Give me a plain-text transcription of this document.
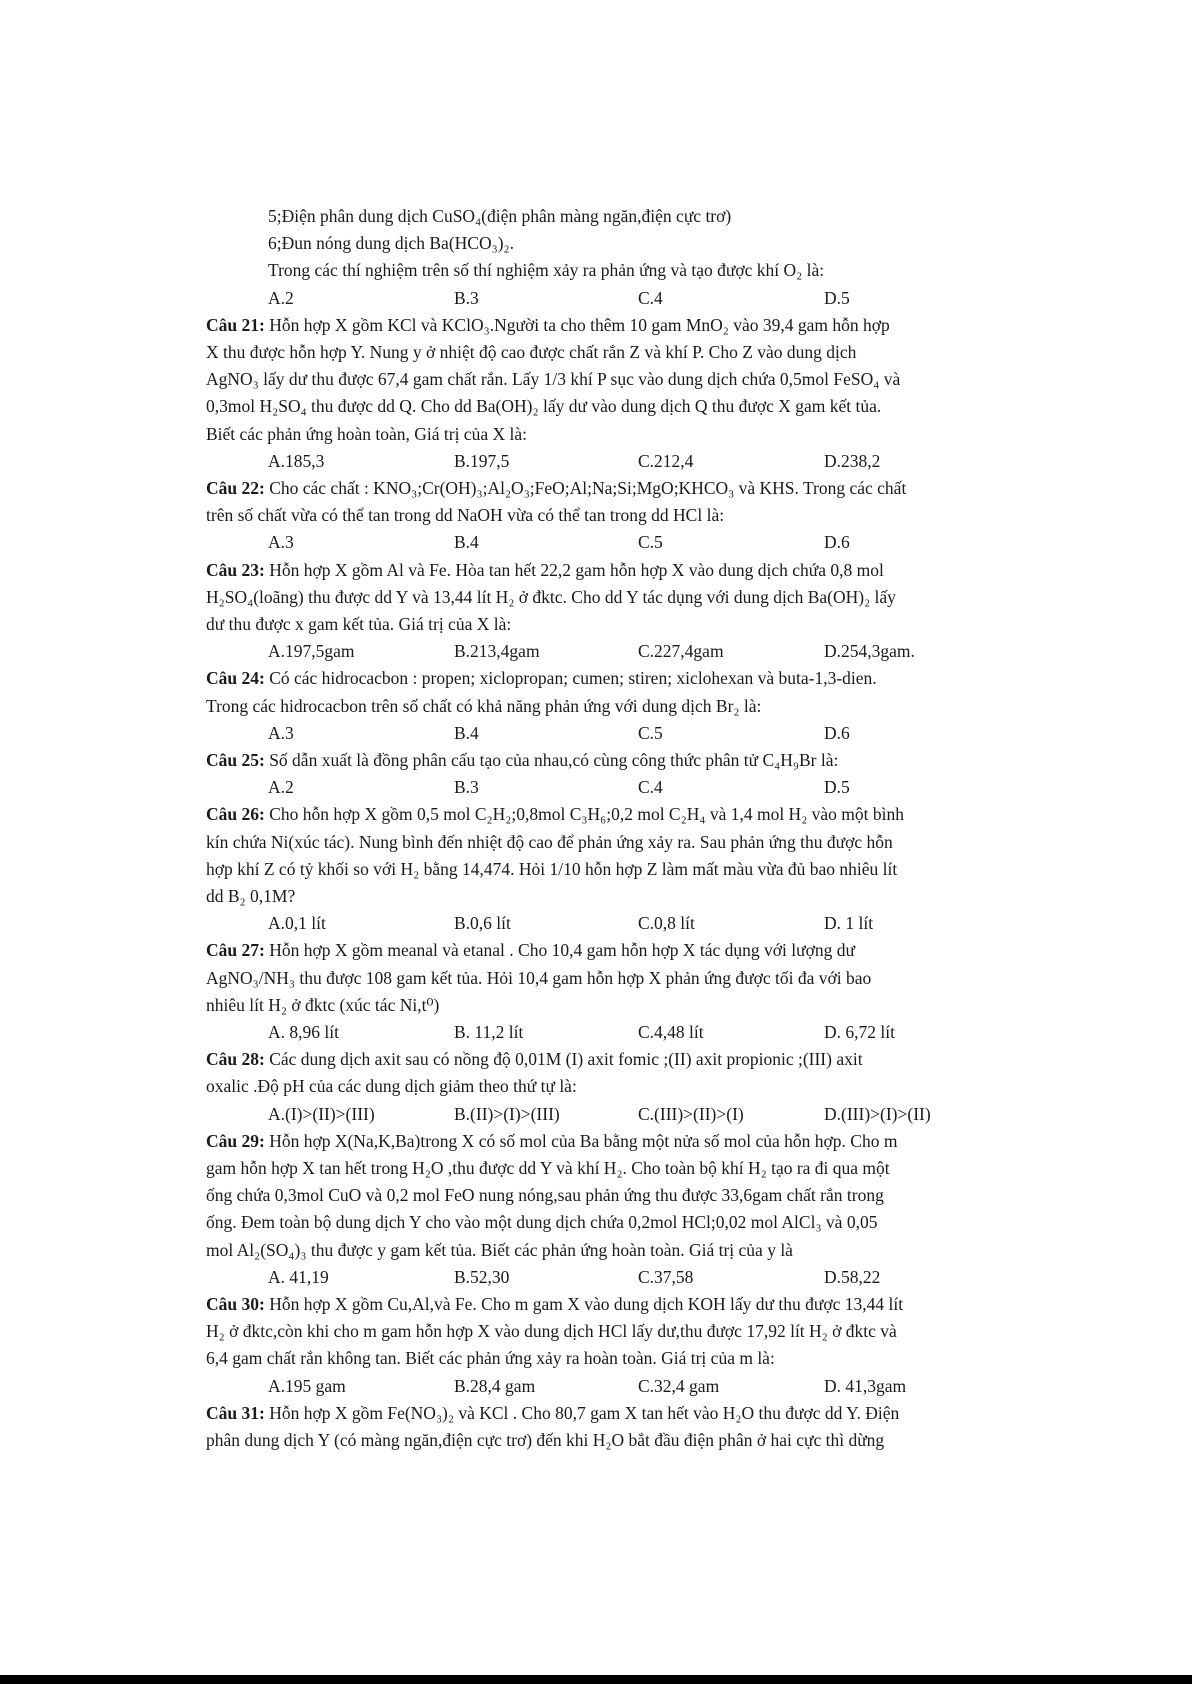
5;Điện phân dung dịch CuSO₄(điện phân màng ngăn,điện cực trơ)
6;Đun nóng dung dịch Ba(HCO₃)₂.
Trong các thí nghiệm trên số thí nghiệm xảy ra phản ứng và tạo được khí O₂ là:
A.2	B.3	C.4	D.5
Câu 21: Hỗn hợp X gồm KCl và KClO₃.Người ta cho thêm 10 gam MnO₂ vào 39,4 gam hỗn hợp
X thu được hỗn hợp Y. Nung y ở nhiệt độ cao được chất rắn Z và khí P. Cho Z vào dung dịch
AgNO₃ lấy dư thu được 67,4 gam chất rắn. Lấy 1/3 khí P sục vào dung dịch chứa 0,5mol FeSO₄ và
0,3mol H₂SO₄ thu được dd Q. Cho dd Ba(OH)₂ lấy dư vào dung dịch Q thu được X gam kết tủa.
Biết các phản ứng hoàn toàn, Giá trị của X là:
A.185,3	B.197,5	C.212,4	D.238,2
Câu 22: Cho các chất : KNO₃;Cr(OH)₃;Al₂O₃;FeO;Al;Na;Si;MgO;KHCO₃ và KHS. Trong các chất
trên số chất vừa có thể tan trong dd NaOH vừa có thể tan trong dd HCl là:
A.3	B.4	C.5	D.6
Câu 23: Hỗn hợp X gồm Al và Fe. Hòa tan hết 22,2 gam hỗn hợp X vào dung dịch chứa 0,8 mol
H₂SO₄(loãng) thu được dd Y và 13,44 lít H₂ ở đktc. Cho dd Y tác dụng với dung dịch Ba(OH)₂ lấy
dư thu được x gam kết tủa. Giá trị của X là:
A.197,5gam	B.213,4gam	C.227,4gam	D.254,3gam.
Câu 24: Có các hidrocacbon : propen; xiclopropan; cumen; stiren; xiclohexan và buta-1,3-dien.
Trong các hidrocacbon trên số chất có khả năng phản ứng với dung dịch Br₂ là:
A.3	B.4	C.5	D.6
Câu 25: Số dẫn xuất là đồng phân cấu tạo của nhau,có cùng công thức phân tử C₄H₉Br là:
A.2	B.3	C.4	D.5
Câu 26: Cho hỗn hợp X gồm 0,5 mol C₂H₂;0,8mol C₃H₆;0,2 mol C₂H₄ và 1,4 mol H₂ vào một bình
kín chứa Ni(xúc tác). Nung bình đến nhiệt độ cao để phản ứng xảy ra. Sau phản ứng thu được hỗn
hợp khí Z có tỷ khối so với H₂ bằng 14,474. Hỏi 1/10 hỗn hợp Z làm mất màu vừa đủ bao nhiêu lít
dd B₂ 0,1M?
A.0,1 lít	B.0,6 lít	C.0,8 lít	D. 1 lít
Câu 27: Hỗn hợp X gồm meanal và etanal . Cho 10,4 gam hỗn hợp X tác dụng với lượng dư
AgNO₃/NH₃ thu được 108 gam kết tủa. Hỏi 10,4 gam hỗn hợp X phản ứng được tối đa với bao
nhiêu lít H₂ ở đktc (xúc tác Ni,t⁰)
A. 8,96 lít	B. 11,2 lít	C.4,48 lít	D. 6,72 lít
Câu 28: Các dung dịch axit sau có nồng độ 0,01M (I) axit fomic ;(II) axit propionic ;(III) axit
oxalic .Độ pH của các dung dịch giảm theo thứ tự là:
A.(I)>(II)>(III)	B.(II)>(I)>(III)	C.(III)>(II)>(I)	D.(III)>(I)>(II)
Câu 29: Hỗn hợp X(Na,K,Ba)trong X có số mol của Ba bằng một nửa số mol của hỗn hợp. Cho m
gam hỗn hợp X tan hết trong H₂O ,thu được dd Y và khí H₂. Cho toàn bộ khí H₂ tạo ra đi qua một
ống chứa 0,3mol CuO và 0,2 mol FeO nung nóng,sau phản ứng thu được 33,6gam chất rắn trong
ống. Đem toàn bộ dung dịch Y cho vào một dung dịch chứa 0,2mol HCl;0,02 mol AlCl₃ và 0,05
mol Al₂(SO₄)₃ thu được y gam kết tủa. Biết các phản ứng hoàn toàn. Giá trị của y là
A. 41,19	B.52,30	C.37,58	D.58,22
Câu 30: Hỗn hợp X gồm Cu,Al,và Fe. Cho m gam X vào dung dịch KOH lấy dư thu được 13,44 lít
H₂ ở đktc,còn khi cho m gam hỗn hợp X vào dung dịch HCl lấy dư,thu được 17,92 lít H₂ ở đktc và
6,4 gam chất rắn không tan. Biết các phản ứng xảy ra hoàn toàn. Giá trị của m là:
A.195 gam	B.28,4 gam	C.32,4 gam	D. 41,3gam
Câu 31: Hỗn hợp X gồm Fe(NO₃)₂ và KCl . Cho 80,7 gam X tan hết vào H₂O thu được dd Y. Điện
phân dung dịch Y (có màng ngăn,điện cực trơ) đến khi H₂O bắt đầu điện phân ở hai cực thì dừng
